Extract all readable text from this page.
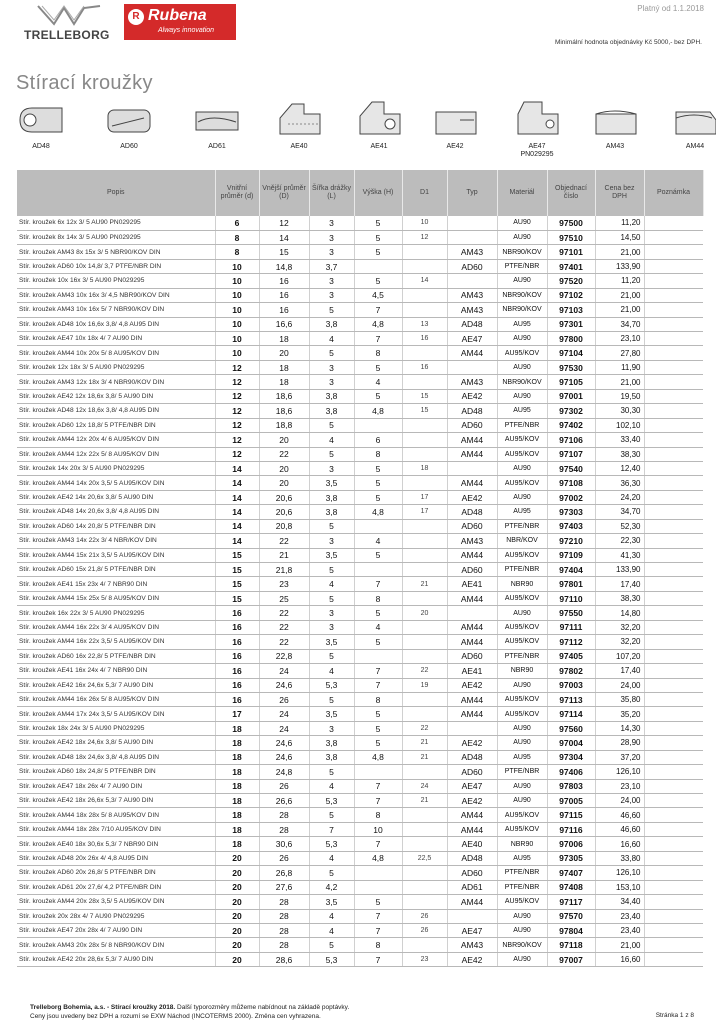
Platný od 1.1.2018
TRELLEBORG
R Rubena
Always innovation
Minimální hodnota objednávky Kč 5000,- bez DPH.
Stírací kroužky
AD48	AD60	AD61	AE40	AE41	AE42	AE47
PN029295
AM43	AM44
Popis	Vnitřní průměr (d)	Vnější průměr (D)	Šířka drážky (L)	Výška (H)	D1	Typ	Materiál	Objednací číslo	Cena bez DPH	Poznámka
Stír. kroužek 6x 12x 3/ 5 AU90 PN029295	6	12	3	5	10		AU90	97500	11,20	
Stír. kroužek 8x 14x 3/ 5 AU90 PN029295	8	14	3	5	12		AU90	97510	14,50	
Stír. kroužek AM43 8x 15x 3/ 5 NBR90/KOV DIN	8	15	3	5		AM43	NBR90/KOV	97101	21,00	
Stír. kroužek AD60 10x 14,8/ 3,7 PTFE/NBR DIN	10	14,8	3,7			AD60	PTFE/NBR	97401	133,90	
Stír. kroužek 10x 16x 3/ 5 AU90 PN029295	10	16	3	5	14		AU90	97520	11,20	
Stír. kroužek AM43 10x 16x 3/ 4,5 NBR90/KOV DIN	10	16	3	4,5		AM43	NBR90/KOV	97102	21,00	
Stír. kroužek AM43 10x 16x 5/ 7 NBR90/KOV DIN	10	16	5	7		AM43	NBR90/KOV	97103	21,00	
Stír. kroužek AD48 10x 16,6x 3,8/ 4,8 AU95 DIN	10	16,6	3,8	4,8	13	AD48	AU95	97301	34,70	
Stír. kroužek AE47 10x 18x 4/ 7 AU90 DIN	10	18	4	7	16	AE47	AU90	97800	23,10	
Stír. kroužek AM44 10x 20x 5/ 8 AU95/KOV DIN	10	20	5	8		AM44	AU95/KOV	97104	27,80	
Stír. kroužek 12x 18x 3/ 5 AU90 PN029295	12	18	3	5	16		AU90	97530	11,90	
Stír. kroužek AM43 12x 18x 3/ 4 NBR90/KOV DIN	12	18	3	4		AM43	NBR90/KOV	97105	21,00	
Stír. kroužek AE42 12x 18,6x 3,8/ 5 AU90 DIN	12	18,6	3,8	5	15	AE42	AU90	97001	19,50	
Stír. kroužek AD48 12x 18,6x 3,8/ 4,8 AU95 DIN	12	18,6	3,8	4,8	15	AD48	AU95	97302	30,30	
Stír. kroužek AD60 12x 18,8/ 5 PTFE/NBR DIN	12	18,8	5			AD60	PTFE/NBR	97402	102,10	
Stír. kroužek AM44 12x 20x 4/ 6 AU95/KOV DIN	12	20	4	6		AM44	AU95/KOV	97106	33,40	
Stír. kroužek AM44 12x 22x 5/ 8 AU95/KOV DIN	12	22	5	8		AM44	AU95/KOV	97107	38,30	
Stír. kroužek 14x 20x 3/ 5 AU90 PN029295	14	20	3	5	18		AU90	97540	12,40	
Stír. kroužek AM44 14x 20x 3,5/ 5 AU95/KOV DIN	14	20	3,5	5		AM44	AU95/KOV	97108	36,30	
Stír. kroužek AE42 14x 20,6x 3,8/ 5 AU90 DIN	14	20,6	3,8	5	17	AE42	AU90	97002	24,20	
Stír. kroužek AD48 14x 20,6x 3,8/ 4,8 AU95 DIN	14	20,6	3,8	4,8	17	AD48	AU95	97303	34,70	
Stír. kroužek AD60 14x 20,8/ 5 PTFE/NBR DIN	14	20,8	5			AD60	PTFE/NBR	97403	52,30	
Stír. kroužek AM43 14x 22x 3/ 4 NBR/KOV DIN	14	22	3	4		AM43	NBR/KOV	97210	22,30	
Stír. kroužek AM44 15x 21x 3,5/ 5 AU95/KOV DIN	15	21	3,5	5		AM44	AU95/KOV	97109	41,30	
Stír. kroužek AD60 15x 21,8/ 5 PTFE/NBR DIN	15	21,8	5			AD60	PTFE/NBR	97404	133,90	
Stír. kroužek AE41 15x 23x 4/ 7 NBR90 DIN	15	23	4	7	21	AE41	NBR90	97801	17,40	
Stír. kroužek AM44 15x 25x 5/ 8 AU95/KOV DIN	15	25	5	8		AM44	AU95/KOV	97110	38,30	
Stír. kroužek 16x 22x 3/ 5 AU90 PN029295	16	22	3	5	20		AU90	97550	14,80	
Stír. kroužek AM44 16x 22x 3/ 4 AU95/KOV DIN	16	22	3	4		AM44	AU95/KOV	97111	32,20	
Stír. kroužek AM44 16x 22x 3,5/ 5 AU95/KOV DIN	16	22	3,5	5		AM44	AU95/KOV	97112	32,20	
Stír. kroužek AD60 16x 22,8/ 5 PTFE/NBR DIN	16	22,8	5			AD60	PTFE/NBR	97405	107,20	
Stír. kroužek AE41 16x 24x 4/ 7 NBR90 DIN	16	24	4	7	22	AE41	NBR90	97802	17,40	
Stír. kroužek AE42 16x 24,6x 5,3/ 7 AU90 DIN	16	24,6	5,3	7	19	AE42	AU90	97003	24,00	
Stír. kroužek AM44 16x 26x 5/ 8 AU95/KOV DIN	16	26	5	8		AM44	AU95/KOV	97113	35,80	
Stír. kroužek AM44 17x 24x 3,5/ 5 AU95/KOV DIN	17	24	3,5	5		AM44	AU95/KOV	97114	35,20	
Stír. kroužek 18x 24x 3/ 5 AU90 PN029295	18	24	3	5	22		AU90	97560	14,30	
Stír. kroužek AE42 18x 24,6x 3,8/ 5 AU90 DIN	18	24,6	3,8	5	21	AE42	AU90	97004	28,90	
Stír. kroužek AD48 18x 24,6x 3,8/ 4,8 AU95 DIN	18	24,6	3,8	4,8	21	AD48	AU95	97304	37,20	
Stír. kroužek AD60 18x 24,8/ 5 PTFE/NBR DIN	18	24,8	5			AD60	PTFE/NBR	97406	126,10	
Stír. kroužek AE47 18x 26x 4/ 7 AU90 DIN	18	26	4	7	24	AE47	AU90	97803	23,10	
Stír. kroužek AE42 18x 26,6x 5,3/ 7 AU90 DIN	18	26,6	5,3	7	21	AE42	AU90	97005	24,00	
Stír. kroužek AM44 18x 28x 5/ 8 AU95/KOV DIN	18	28	5	8		AM44	AU95/KOV	97115	46,60	
Stír. kroužek AM44 18x 28x 7/10 AU95/KOV DIN	18	28	7	10		AM44	AU95/KOV	97116	46,60	
Stír. kroužek AE40 18x 30,6x 5,3/ 7 NBR90 DIN	18	30,6	5,3	7		AE40	NBR90	97006	16,60	
Stír. kroužek AD48 20x 26x 4/ 4,8 AU95 DIN	20	26	4	4,8	22,5	AD48	AU95	97305	33,80	
Stír. kroužek AD60 20x 26,8/ 5 PTFE/NBR DIN	20	26,8	5			AD60	PTFE/NBR	97407	126,10	
Stír. kroužek AD61 20x 27,6/ 4,2 PTFE/NBR DIN	20	27,6	4,2			AD61	PTFE/NBR	97408	153,10	
Stír. kroužek AM44 20x 28x 3,5/ 5 AU95/KOV DIN	20	28	3,5	5		AM44	AU95/KOV	97117	34,40	
Stír. kroužek 20x 28x 4/ 7 AU90 PN029295	20	28	4	7	26		AU90	97570	23,40	
Stír. kroužek AE47 20x 28x 4/ 7 AU90 DIN	20	28	4	7	26	AE47	AU90	97804	23,40	
Stír. kroužek AM43 20x 28x 5/ 8 NBR90/KOV DIN	20	28	5	8		AM43	NBR90/KOV	97118	21,00	
Stír. kroužek AE42 20x 28,6x 5,3/ 7 AU90 DIN	20	28,6	5,3	7	23	AE42	AU90	97007	16,60	
Trelleborg Bohemia, a.s. - Stírací kroužky 2018. Další typorozměry můžeme nabídnout na základě poptávky.
Ceny jsou uvedeny bez DPH a rozumí se EXW Náchod (INCOTERMS 2000). Změna cen vyhrazena.	Stránka 1 z 8
